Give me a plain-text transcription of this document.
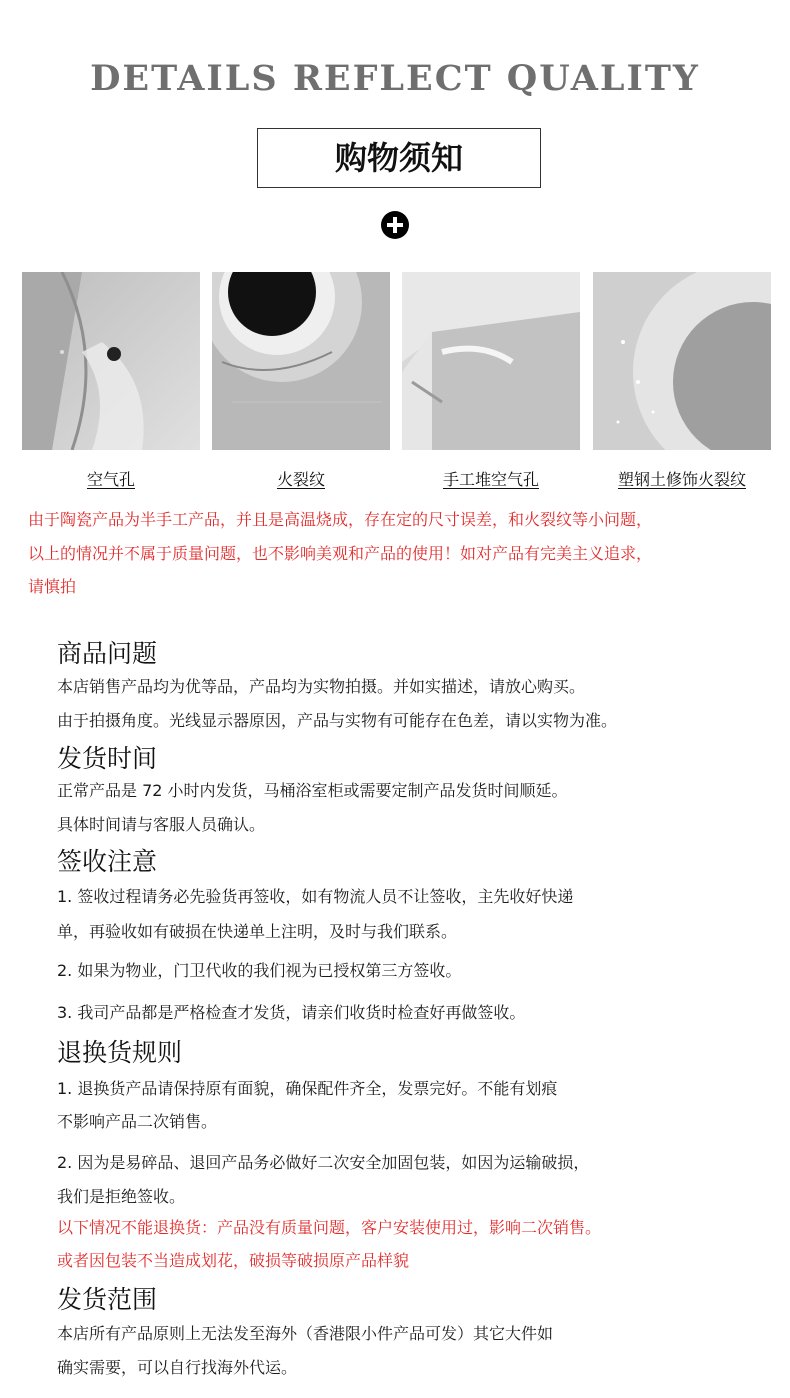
DETAILS REFLECT QUALITY
购物须知
空气孔	火裂纹	手工堆空气孔	塑钢土修饰火裂纹
由于陶瓷产品为半手工产品，并且是高温烧成，存在定的尺寸误差，和火裂纹等小问题，
以上的情况并不属于质量问题，也不影响美观和产品的使用！如对产品有完美主义追求，
请慎拍
商品问题
本店销售产品均为优等品，产品均为实物拍摄。并如实描述，请放心购买。
由于拍摄角度。光线显示器原因，产品与实物有可能存在色差，请以实物为准。
发货时间
正常产品是 72 小时内发货，马桶浴室柜或需要定制产品发货时间顺延。
具体时间请与客服人员确认。
签收注意
1. 签收过程请务必先验货再签收，如有物流人员不让签收，主先收好快递
单，再验收如有破损在快递单上注明，及时与我们联系。
2. 如果为物业，门卫代收的我们视为已授权第三方签收。
3. 我司产品都是严格检查才发货，请亲们收货时检查好再做签收。
退换货规则
1. 退换货产品请保持原有面貌，确保配件齐全，发票完好。不能有划痕
不影响产品二次销售。
2. 因为是易碎品、退回产品务必做好二次安全加固包装，如因为运输破损，
我们是拒绝签收。
以下情况不能退换货：产品没有质量问题，客户安装使用过，影响二次销售。
或者因包装不当造成划花，破损等破损原产品样貌
发货范围
本店所有产品原则上无法发至海外（香港限小件产品可发）其它大件如
确实需要，可以自行找海外代运。
